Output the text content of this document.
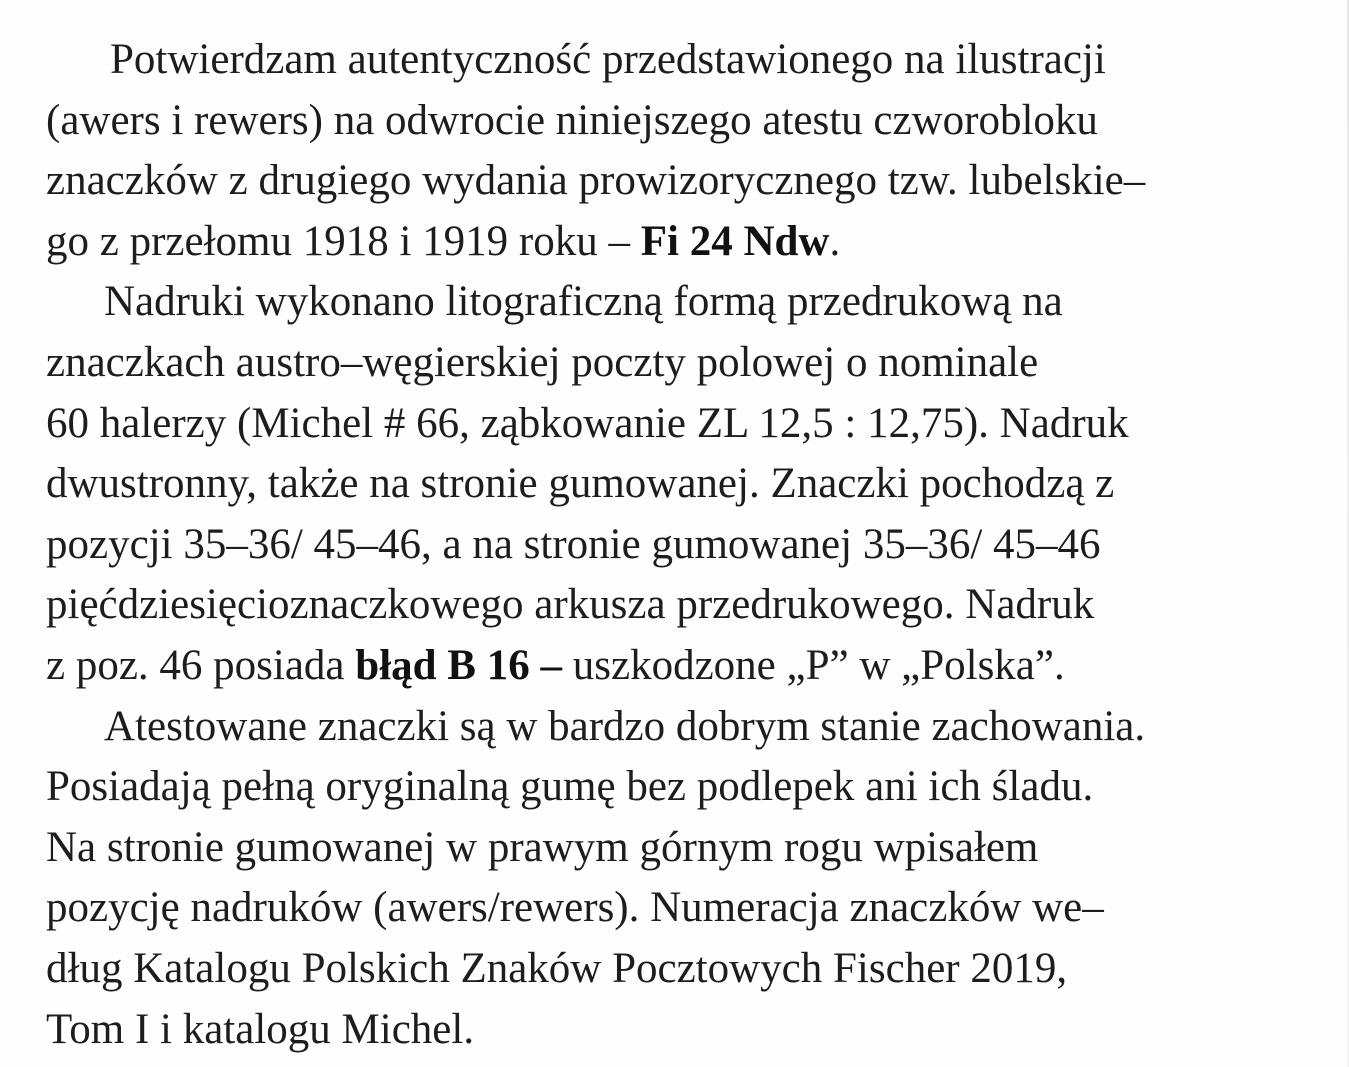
Potwierdzam autentyczność przedstawionego na ilustracji
(awers i rewers) na odwrocie niniejszego atestu czworobloku
znaczków z drugiego wydania prowizorycznego tzw. lubelskie–
go z przełomu 1918 i 1919 roku – Fi 24 Ndw.
Nadruki wykonano litograficzną formą przedrukową na
znaczkach austro–węgierskiej poczty polowej o nominale
60 halerzy (Michel # 66, ząbkowanie ZL 12,5 : 12,75). Nadruk
dwustronny, także na stronie gumowanej. Znaczki pochodzą z
pozycji 35–36/ 45–46, a na stronie gumowanej 35–36/ 45–46
pięćdziesięcioznaczkowego arkusza przedrukowego. Nadruk
z poz. 46 posiada błąd B 16 – uszkodzone „P” w „Polska”.
Atestowane znaczki są w bardzo dobrym stanie zachowania.
Posiadają pełną oryginalną gumę bez podlepek ani ich śladu.
Na stronie gumowanej w prawym górnym rogu wpisałem
pozycję nadruków (awers/rewers). Numeracja znaczków we–
dług Katalogu Polskich Znaków Pocztowych Fischer 2019,
Tom I i katalogu Michel.
